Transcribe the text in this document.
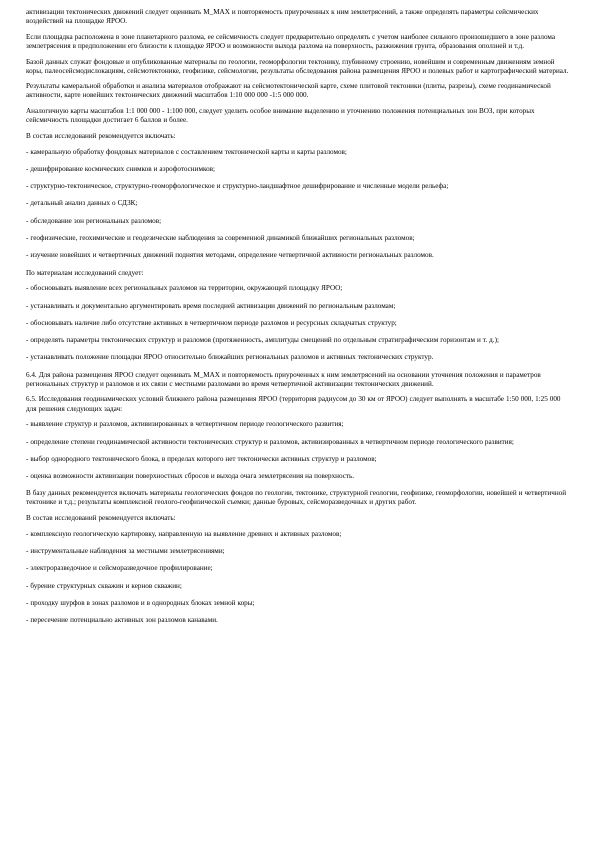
активизации тектонических движений следует оценивать M_MAX и повторяемость приуроченных к ним землетрясений, а также определять параметры сейсмических воздействий на площадке ЯРОО.

Если площадка расположена в зоне планетарного разлома, ее сейсмичность следует предварительно определять с учетом наиболее сильного произошедшего в зоне разлома землетрясения в предположении его близости к площадке ЯРОО и возможности выхода разлома на поверхность, разжижения грунта, образования оползней и т.д.

Базой данных служат фондовые и опубликованные материалы по геологии, геоморфологии тектонику, глубинному строению, новейшим и современным движениям земной коры, палеосейсмодислокациям, сейсмотектонике, геофизике, сейсмологии, результаты обследования района размещения ЯРОО и полевых работ и картографический материал.

Результаты камеральной обработки и анализа материалов отображают на сейсмотектонической карте, схеме плитовой тектоники (плиты, разрезы), схеме геодинамической активности, карте новейших тектонических движений масштабов 1:10 000 000 -1:5 000 000.

Аналогичную карты масштабов 1:1 000 000 - 1:100 000, следует уделить особое внимание выделению и уточнению положения потенциальных зон ВОЗ, при которых сейсмичность площадки достигает 6 баллов и более.

В состав исследований рекомендуется включать:

- камеральную обработку фондовых материалов с составлением тектонической карты и карты разломов;

- дешифрирование космических снимков и аэрофотоснимков;

- структурно-тектоническое, структурно-геоморфологическое и структурно-ландшафтное дешифрирование и численные модели рельефа;

- детальный анализ данных о СДЗК;

- обследование зон региональных разломов;

- геофизические, геохимические и геодезические наблюдения за современной динамикой ближайших региональных разломов;

- изучение новейших и четвертичных движений поднятия методами, определение четвертичной активности региональных разломов.

По материалам исследований следует:

- обосновывать выявление всех региональных разломов на территории, окружающей площадку ЯРОО;

- устанавливать и документально аргументировать время последней активизации движений по региональным разломам;

- обосновывать наличие либо отсутствие активных в четвертичном периоде разломов и ресурсных складчатых структур;

- определять параметры тектонических структур и разломов (протяженность, амплитуды смещений по отдельным стратиграфическим горизонтам и т. д.);

- устанавливать положение площадки ЯРОО относительно ближайших региональных разломов и активных тектонических структур.

6.4. Для района размещения ЯРОО следует оценивать M_MAX и повторяемость приуроченных к ним землетрясений на основании уточнения положения и параметров региональных структур и разломов и их связи с местными разломами во время четвертичной активизации тектонических движений.

6.5. Исследования геодинамических условий ближнего района размещения ЯРОО (территория радиусом до 30 км от ЯРОО) следует выполнять в масштабе 1:50 000, 1:25 000 для решения следующих задач:

- выявление структур и разломов, активизированных в четвертичном периоде геологического развития;

- определение степени геодинамической активности тектонических структур и разломов, активизированных в четвертичном периоде геологического развития;

- выбор однородного тектонического блока, в пределах которого нет тектонически активных структур и разломов;

- оценка возможности активизации поверхностных сбросов и выхода очага землетрясения на поверхность.

В базу данных рекомендуется включать материалы геологических фондов по геологии, тектонике, структурной геологии, геофизике, геоморфологии, новейшей и четвертичной тектонике и т.д.; результаты комплексной геолого-геофизической съемки; данные буровых, сейсморазведочных и других работ.

В состав исследований рекомендуется включать:

- комплексную геологическую картировку, направленную на выявление древних и активных разломов;

- инструментальные наблюдения за местными землетрясениями;

- электроразведочное и сейсморазведочное профилирование;

- бурение структурных скважин и кернов скважин;

- проходку шурфов в зонах разломов и в однородных блоках земной коры;

- пересечение потенциально активных зон разломов канавами.
